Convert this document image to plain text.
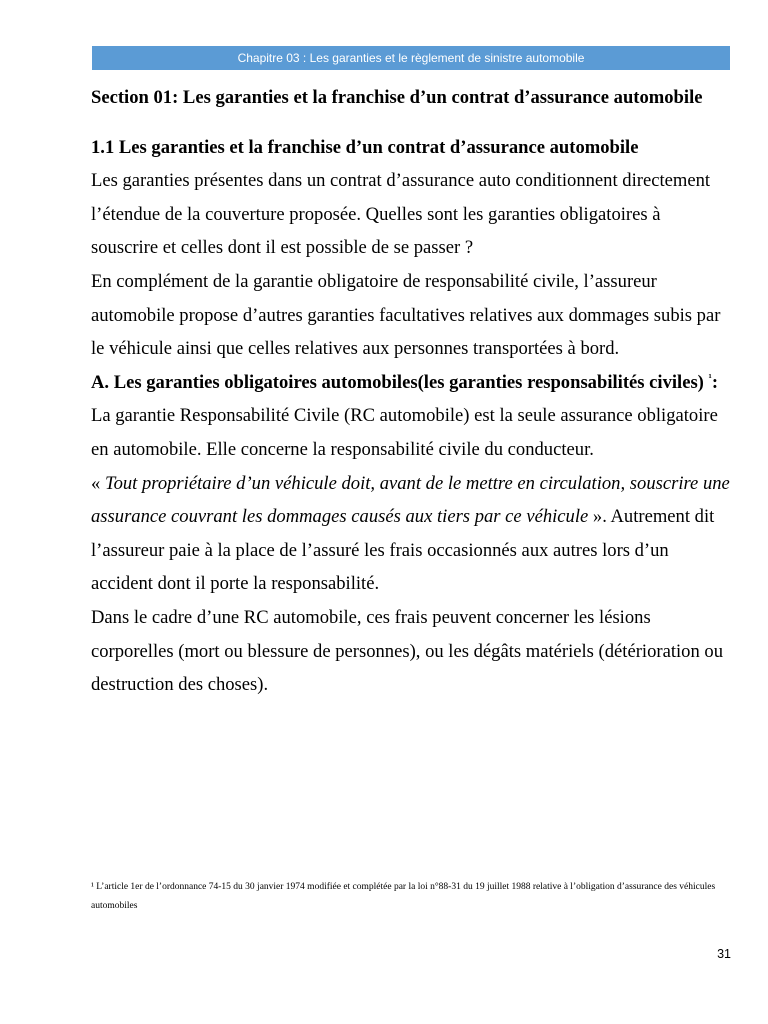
Chapitre 03 : Les garanties et le règlement de sinistre automobile

Section 01: Les garanties et la franchise d’un contrat d’assurance automobile

1.1 Les garanties et la franchise d’un contrat d’assurance automobile

Les garanties présentes dans un contrat d’assurance auto conditionnent directement l’étendue de la couverture proposée. Quelles sont les garanties obligatoires à souscrire et celles dont il est possible de se passer ?

En complément de la garantie obligatoire de responsabilité civile, l’assureur automobile propose d’autres garanties facultatives relatives aux dommages subis par le véhicule ainsi que celles relatives aux personnes transportées à bord.

A. Les garanties obligatoires automobiles(les garanties responsabilités civiles) $^{^1}$:

La garantie Responsabilité Civile (RC automobile) est la seule assurance obligatoire en automobile. Elle concerne la responsabilité civile du conducteur.

« Tout propriétaire d’un véhicule doit, avant de le mettre en circulation, souscrire une assurance couvrant les dommages causés aux tiers par ce véhicule ». Autrement dit l’assureur paie à la place de l’assuré les frais occasionnés aux autres lors d’un accident dont il porte la responsabilité.

Dans le cadre d’une RC automobile, ces frais peuvent concerner les lésions corporelles (mort ou blessure de personnes), ou les dégâts matériels (détérioration ou destruction des choses).

¹ L’article 1er de l’ordonnance 74-15 du 30 janvier 1974 modifiée et complétée par la loi n°88-31 du 19 juillet 1988 relative à l’obligation d’assurance des véhicules automobiles
31
